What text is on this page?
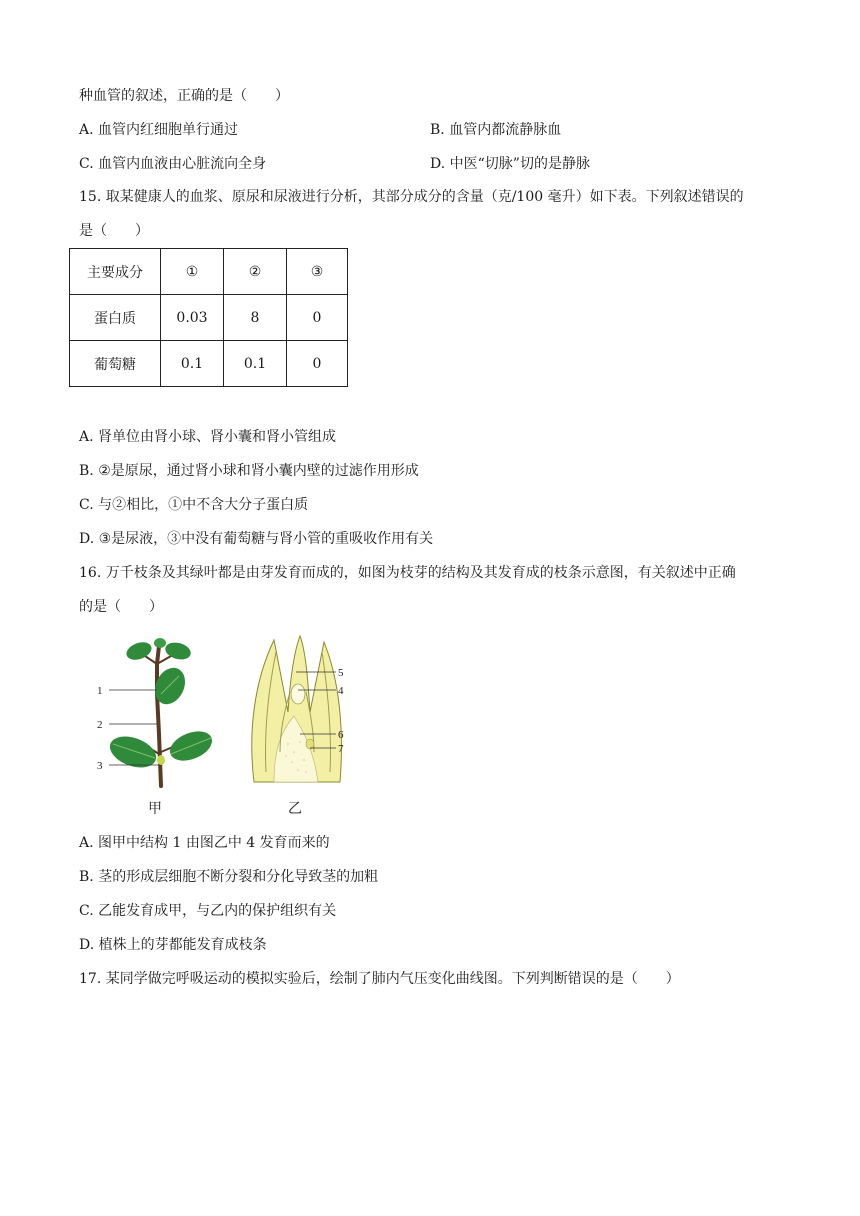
种血管的叙述，正确的是（　　）
A. 血管内红细胞单行通过	B. 血管内都流静脉血
C. 血管内血液由心脏流向全身	D. 中医“切脉”切的是静脉
15. 取某健康人的血浆、原尿和尿液进行分析，其部分成分的含量（克/100 毫升）如下表。下列叙述错误的
是（　　）
主要成分	①	②	③
蛋白质	0.03	8	0
葡萄糖	0.1	0.1	0
A. 肾单位由肾小球、肾小囊和肾小管组成
B. ②是原尿，通过肾小球和肾小囊内壁的过滤作用形成
C. 与②相比，①中不含大分子蛋白质
D. ③是尿液，③中没有葡萄糖与肾小管的重吸收作用有关
16. 万千枝条及其绿叶都是由芽发育而成的，如图为枝芽的结构及其发育成的枝条示意图，有关叙述中正确
的是（　　）
1
2
3
甲
5
4
6
7
乙
A. 图甲中结构 1 由图乙中 4 发育而来的
B. 茎的形成层细胞不断分裂和分化导致茎的加粗
C. 乙能发育成甲，与乙内的保护组织有关
D. 植株上的芽都能发育成枝条
17. 某同学做完呼吸运动的模拟实验后，绘制了肺内气压变化曲线图。下列判断错误的是（　　）
